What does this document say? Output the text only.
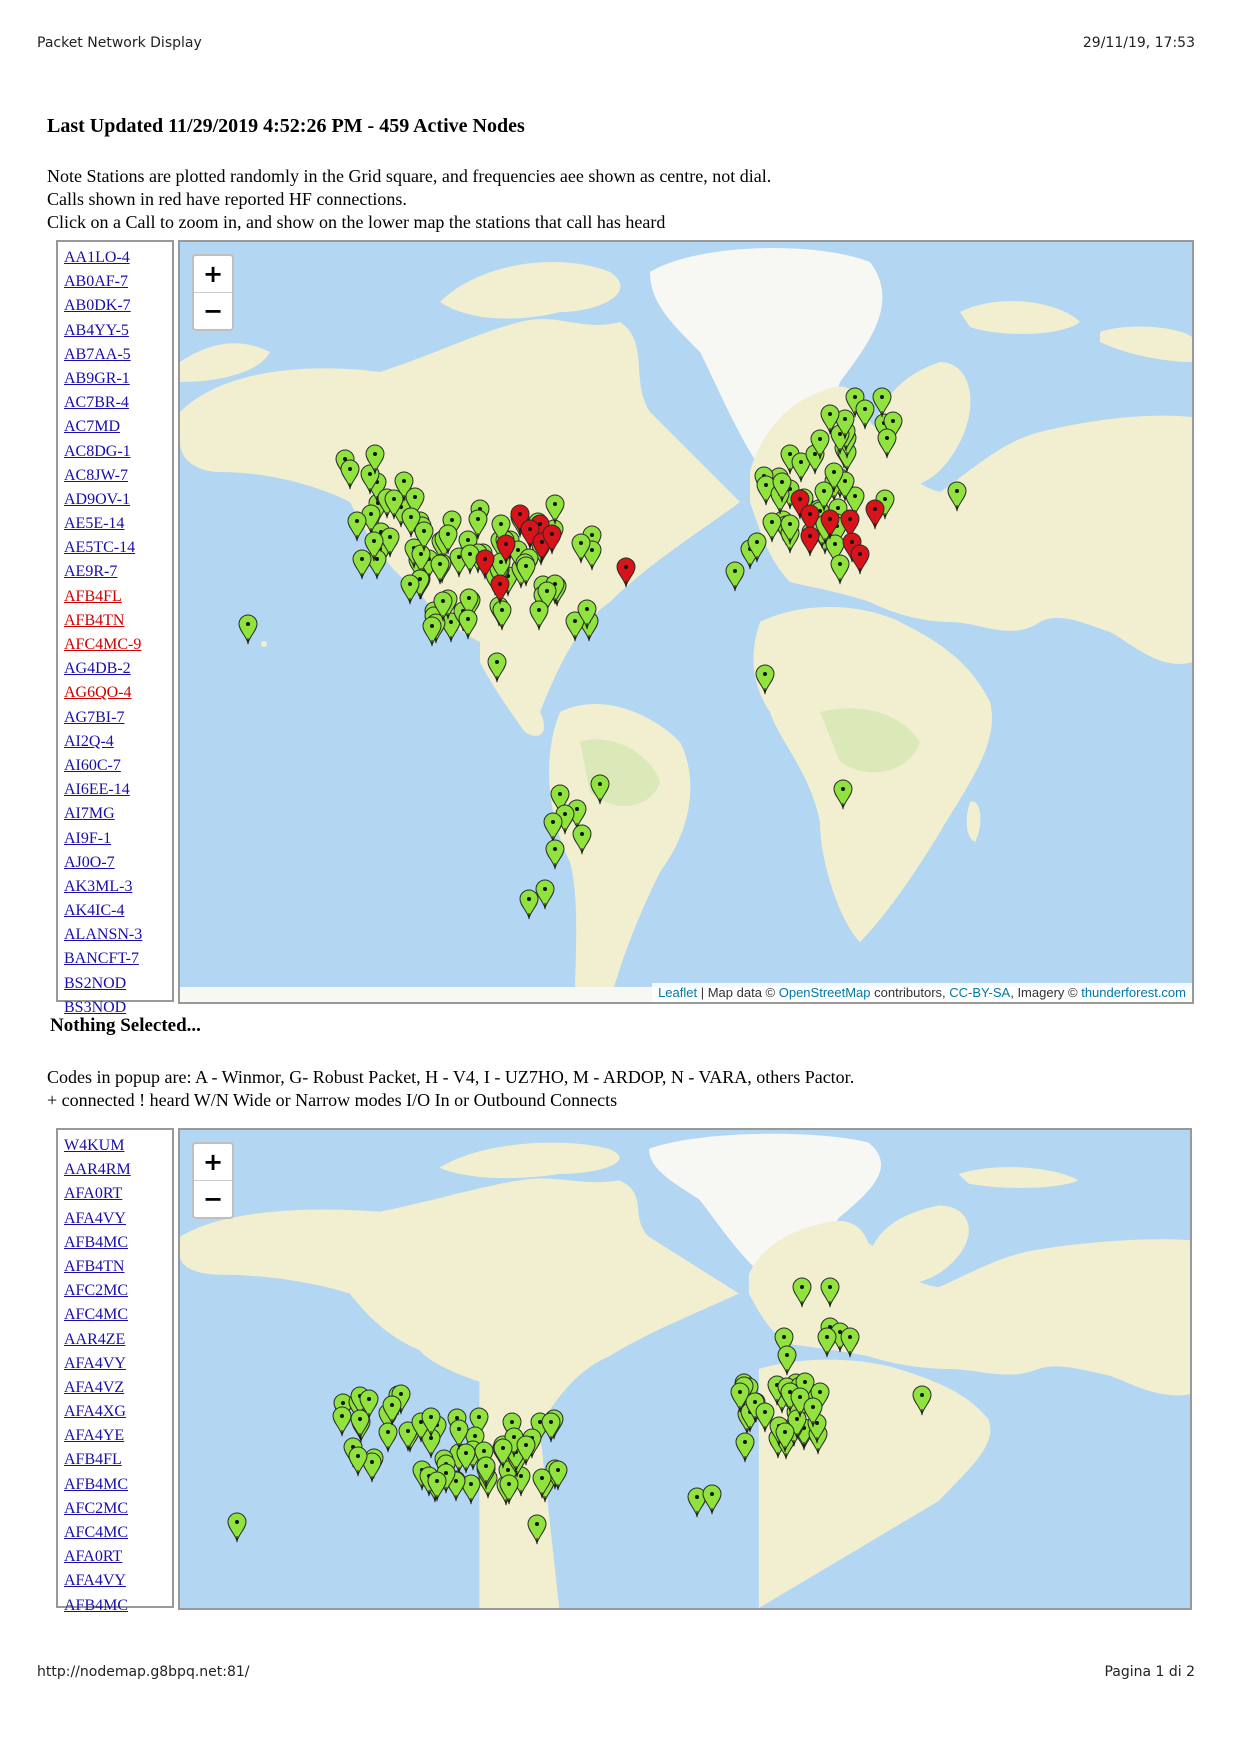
Packet Network Display	29/11/19, 17:53
Last Updated 11/29/2019 4:52:26 PM - 459 Active Nodes
Note Stations are plotted randomly in the Grid square, and frequencies aee shown as centre, not dial.
Calls shown in red have reported HF connections.
Click on a Call to zoom in, and show on the lower map the stations that call has heard
AA1LO-4
AB0AF-7
AB0DK-7
AB4YY-5
AB7AA-5
AB9GR-1
AC7BR-4
AC7MD
AC8DG-1
AC8JW-7
AD9OV-1
AE5E-14
AE5TC-14
AE9R-7
AFB4FL
AFB4TN
AFC4MC-9
AG4DB-2
AG6QO-4
AG7BI-7
AI2Q-4
AI60C-7
AI6EE-14
AI7MG
AI9F-1
AJ0O-7
AK3ML-3
AK4IC-4
ALANSN-3
BANCFT-7
BS2NOD
BS3NOD
+
−
Leaflet | Map data © OpenStreetMap contributors, CC-BY-SA, Imagery © thunderforest.com
Nothing Selected...
Codes in popup are: A - Winmor, G- Robust Packet, H - V4, I - UZ7HO, M - ARDOP, N - VARA, others Pactor.
+ connected ! heard W/N Wide or Narrow modes I/O In or Outbound Connects
W4KUM
AAR4RM
AFA0RT
AFA4VY
AFB4MC
AFB4TN
AFC2MC
AFC4MC
AAR4ZE
AFA4VY
AFA4VZ
AFA4XG
AFA4YE
AFB4FL
AFB4MC
AFC2MC
AFC4MC
AFA0RT
AFA4VY
AFB4MC
+
−
http://nodemap.g8bpq.net:81/	Pagina 1 di 2
